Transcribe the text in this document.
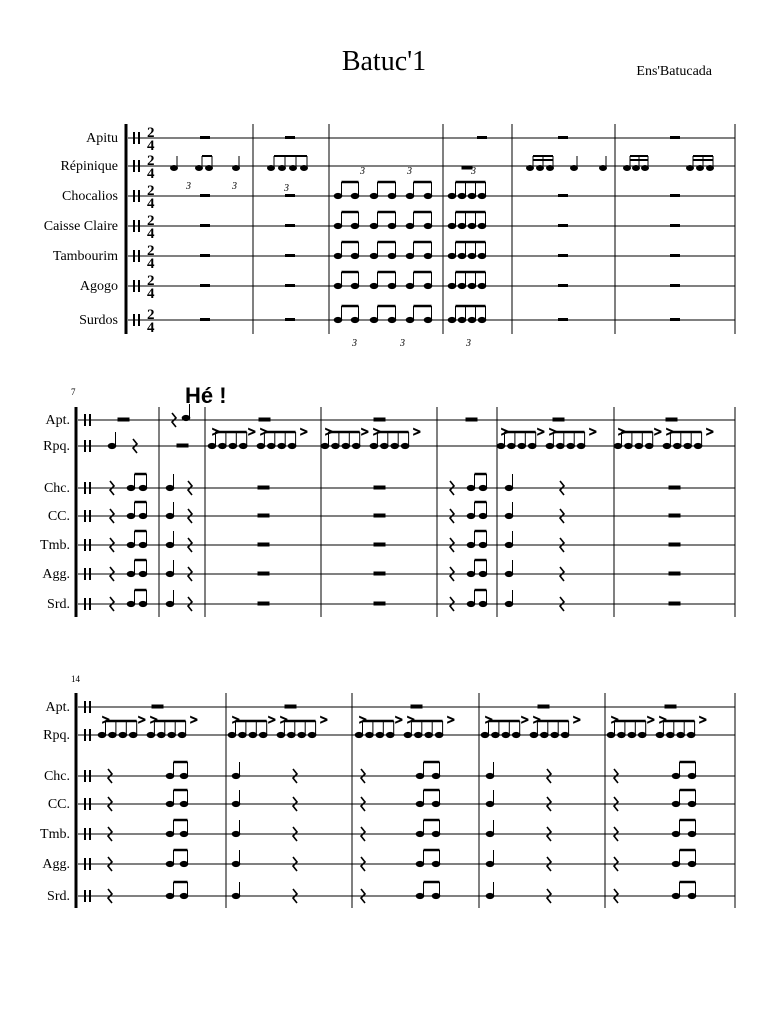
Batuc'1	Ens'Batucada
2
4
2
4
2
4
2
4
2
4
2
4
2
4
3	3
3	3	3
3	3	3
3
> > > > > > > >	> > > > > > > >
> > > >	> > > > > > > > > > > > > > > >
Apitu
Répinique
Chocalios
Caisse Claire
Tambourim
Agogo
Surdos
7	Hé !
Apt.
Rpq.
Chc.
CC.
Tmb.
Agg.
Srd.
14
Apt.
Rpq.
Chc.
CC.
Tmb.
Agg.
Srd.
